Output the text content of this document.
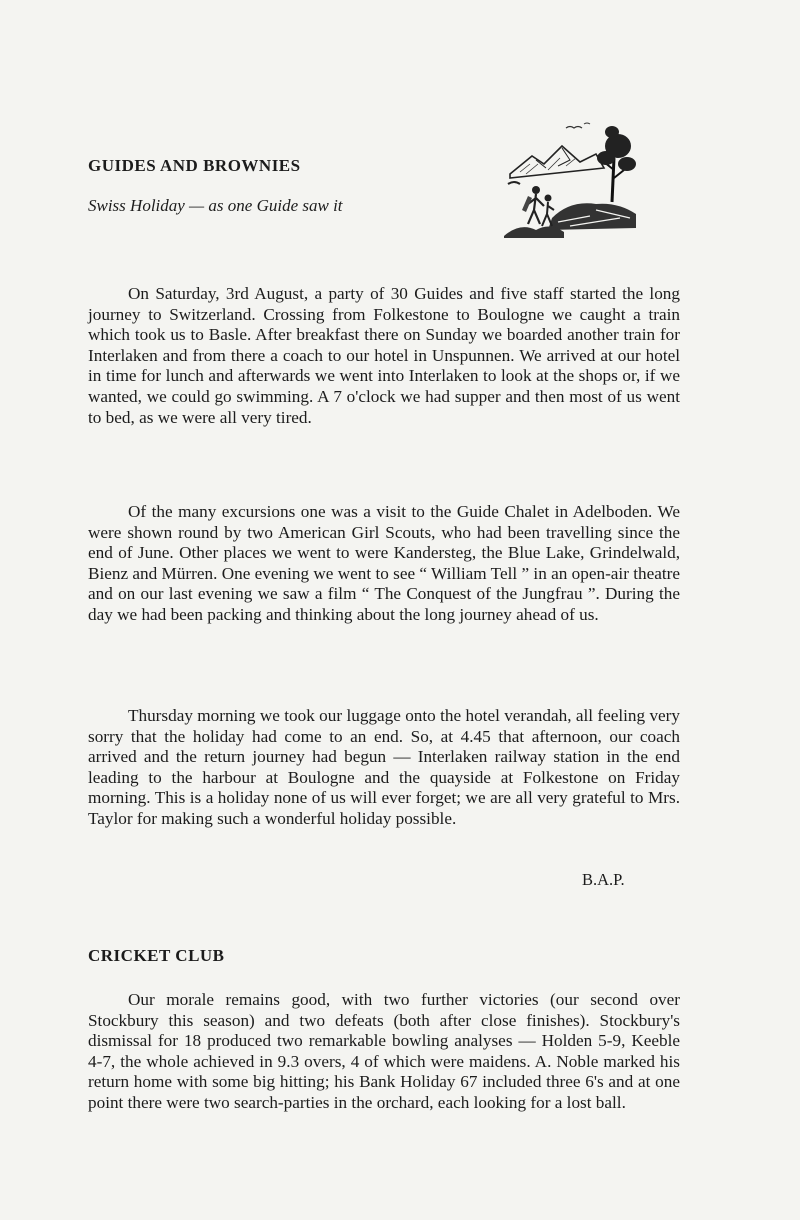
GUIDES AND BROWNIES

Swiss Holiday — as one Guide saw it

On Saturday, 3rd August, a party of 30 Guides and five staff started the long journey to Switzerland. Crossing from Folkestone to Boulogne we caught a train which took us to Basle. After breakfast there on Sunday we boarded another train for Interlaken and from there a coach to our hotel in Unspunnen. We arrived at our hotel in time for lunch and afterwards we went into Interlaken to look at the shops or, if we wanted, we could go swimming. A 7 o'clock we had supper and then most of us went to bed, as we were all very tired.

Of the many excursions one was a visit to the Guide Chalet in Adelboden. We were shown round by two American Girl Scouts, who had been travelling since the end of June. Other places we went to were Kandersteg, the Blue Lake, Grindelwald, Bienz and Mürren. One evening we went to see “ William Tell ” in an open-air theatre and on our last evening we saw a film “ The Conquest of the Jungfrau ”. During the day we had been packing and thinking about the long journey ahead of us.

Thursday morning we took our luggage onto the hotel verandah, all feeling very sorry that the holiday had come to an end. So, at 4.45 that afternoon, our coach arrived and the return journey had begun — Interlaken railway station in the end leading to the harbour at Boulogne and the quayside at Folkestone on Friday morning. This is a holiday none of us will ever forget; we are all very grateful to Mrs. Taylor for making such a wonderful holiday possible.

B.A.P.

CRICKET CLUB

Our morale remains good, with two further victories (our second over Stockbury this season) and two defeats (both after close finishes). Stockbury's dismissal for 18 produced two remarkable bowling analyses — Holden 5-9, Keeble 4-7, the whole achieved in 9.3 overs, 4 of which were maidens. A. Noble marked his return home with some big hitting; his Bank Holiday 67 included three 6's and at one point there were two search-parties in the orchard, each looking for a lost ball.
